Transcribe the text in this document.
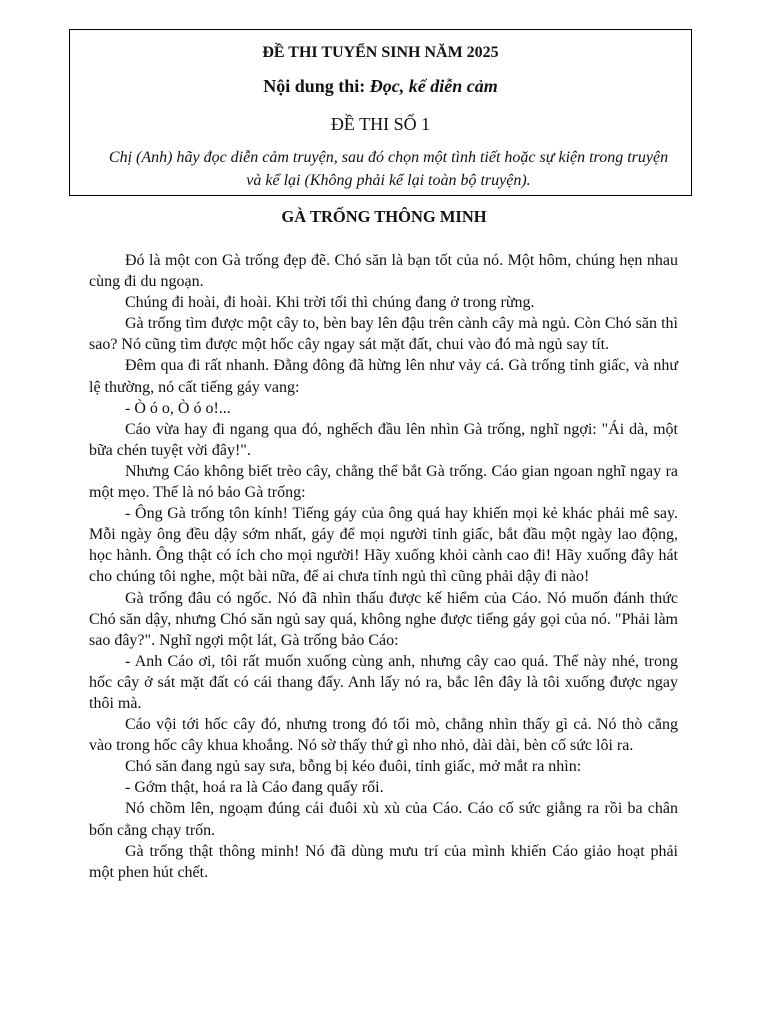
ĐỀ THI TUYỂN SINH NĂM 2025
Nội dung thi: Đọc, kể diễn cảm
ĐỀ THI SỐ 1
Chị (Anh) hãy đọc diễn cảm truyện, sau đó chọn một tình tiết hoặc sự kiện trong truyện và kể lại (Không phải kể lại toàn bộ truyện).
GÀ TRỐNG THÔNG MINH

Đó là một con Gà trống đẹp đẽ. Chó săn là bạn tốt của nó. Một hôm, chúng hẹn nhau cùng đi du ngoạn.

Chúng đi hoài, đi hoài. Khi trời tối thì chúng đang ở trong rừng.

Gà trống tìm được một cây to, bèn bay lên đậu trên cành cây mà ngủ. Còn Chó săn thì sao? Nó cũng tìm được một hốc cây ngay sát mặt đất, chui vào đó mà ngủ say tít.

Đêm qua đi rất nhanh. Đằng đông đã hừng lên như vảy cá. Gà trống tỉnh giấc, và như lệ thường, nó cất tiếng gáy vang:

- Ò ó o, Ò ó o!...

Cáo vừa hay đi ngang qua đó, nghếch đầu lên nhìn Gà trống, nghĩ ngợi: "Ái dà, một bữa chén tuyệt vời đây!".

Nhưng Cáo không biết trèo cây, chẳng thể bắt Gà trống. Cáo gian ngoan nghĩ ngay ra một mẹo. Thế là nó bảo Gà trống:

- Ông Gà trống tôn kính! Tiếng gáy của ông quá hay khiến mọi kẻ khác phải mê say. Mỗi ngày ông đều dậy sớm nhất, gáy để mọi người tỉnh giấc, bắt đầu một ngày lao động, học hành. Ông thật có ích cho mọi người! Hãy xuống khỏi cành cao đi! Hãy xuống đây hát cho chúng tôi nghe, một bài nữa, để ai chưa tỉnh ngủ thì cũng phải dậy đi nào!

Gà trống đâu có ngốc. Nó đã nhìn thấu được kế hiểm của Cáo. Nó muốn đánh thức Chó săn dậy, nhưng Chó săn ngủ say quá, không nghe được tiếng gáy gọi của nó. "Phải làm sao đây?". Nghĩ ngợi một lát, Gà trống bảo Cáo:

- Anh Cáo ơi, tôi rất muốn xuống cùng anh, nhưng cây cao quá. Thế này nhé, trong hốc cây ở sát mặt đất có cái thang đấy. Anh lấy nó ra, bắc lên đây là tôi xuống được ngay thôi mà.

Cáo vội tới hốc cây đó, nhưng trong đó tối mò, chẳng nhìn thấy gì cả. Nó thò cẳng vào trong hốc cây khua khoắng. Nó sờ thấy thứ gì nho nhỏ, dài dài, bèn cố sức lôi ra.

Chó săn đang ngủ say sưa, bỗng bị kéo đuôi, tỉnh giấc, mở mắt ra nhìn:

- Gớm thật, hoá ra là Cáo đang quấy rối.

Nó chồm lên, ngoạm đúng cái đuôi xù xù của Cáo. Cáo cố sức giằng ra rồi ba chân bốn cẳng chạy trốn.

Gà trống thật thông minh! Nó đã dùng mưu trí của mình khiến Cáo giảo hoạt phải một phen hút chết.
